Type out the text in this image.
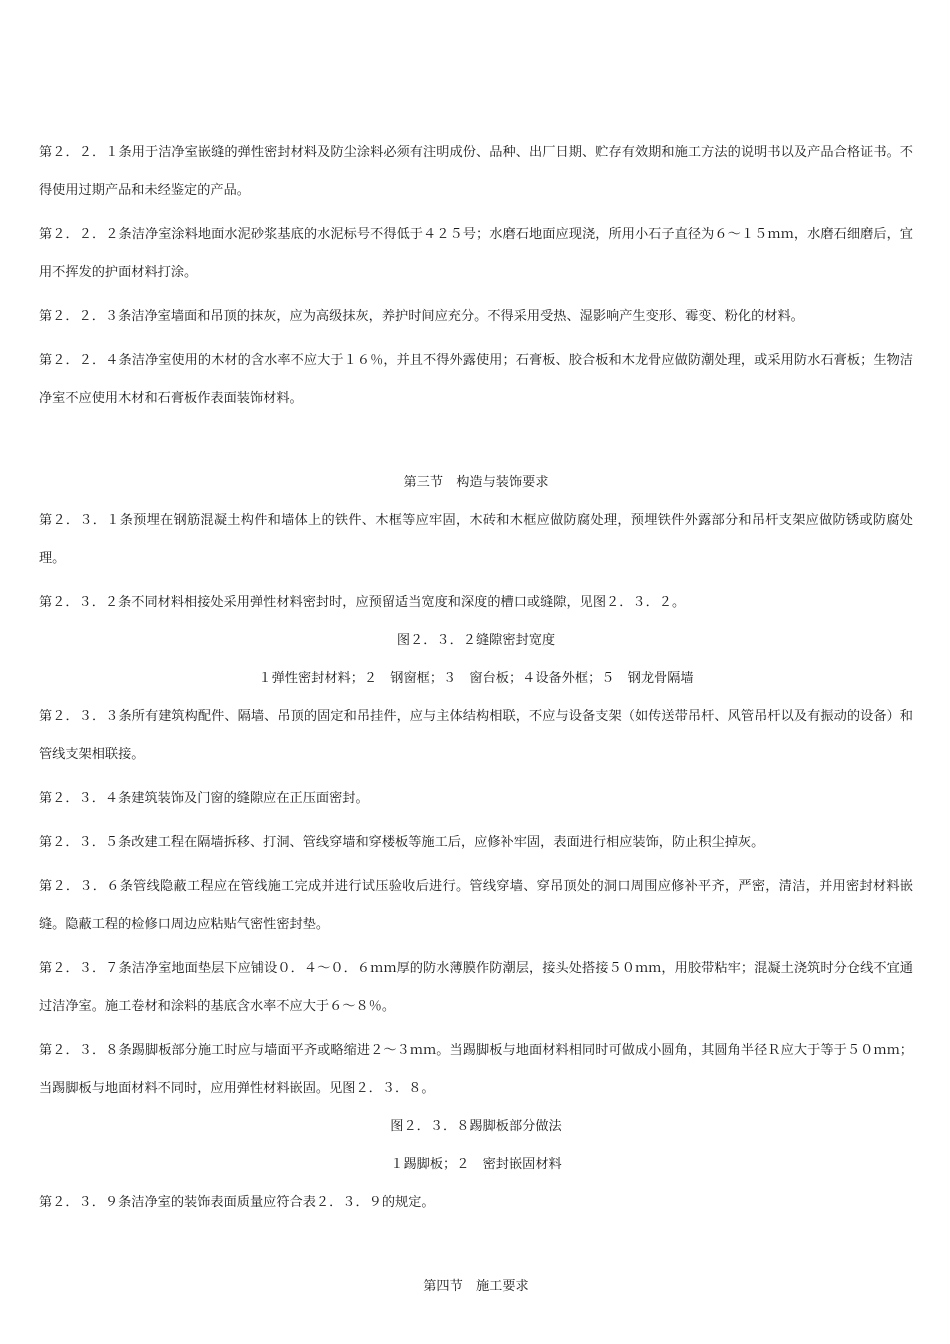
第２．２．１条用于洁净室嵌缝的弹性密封材料及防尘涂料必须有注明成份、品种、出厂日期、贮存有效期和施工方法的说明书以及产品合格证书。不得使用过期产品和未经鉴定的产品。

第２．２．２条洁净室涂料地面水泥砂浆基底的水泥标号不得低于４２５号；水磨石地面应现浇，所用小石子直径为６～１５ｍｍ，水磨石细磨后，宜用不挥发的护面材料打涂。

第２．２．３条洁净室墙面和吊顶的抹灰，应为高级抹灰，养护时间应充分。不得采用受热、湿影响产生变形、霉变、粉化的材料。

第２．２．４条洁净室使用的木材的含水率不应大于１６％，并且不得外露使用；石膏板、胶合板和木龙骨应做防潮处理，或采用防水石膏板；生物洁净室不应使用木材和石膏板作表面装饰材料。

第三节　构造与装饰要求

第２．３．１条预埋在钢筋混凝土构件和墙体上的铁件、木框等应牢固，木砖和木框应做防腐处理，预埋铁件外露部分和吊杆支架应做防锈或防腐处理。

第２．３．２条不同材料相接处采用弹性材料密封时，应预留适当宽度和深度的槽口或缝隙，见图２．３．２。

图２．３．２缝隙密封宽度

１弹性密封材料；２　钢窗框；３　窗台板；４设备外框；５　钢龙骨隔墙

第２．３．３条所有建筑构配件、隔墙、吊顶的固定和吊挂件，应与主体结构相联，不应与设备支架（如传送带吊杆、风管吊杆以及有振动的设备）和管线支架相联接。

第２．３．４条建筑装饰及门窗的缝隙应在正压面密封。

第２．３．５条改建工程在隔墙拆移、打洞、管线穿墙和穿楼板等施工后，应修补牢固，表面进行相应装饰，防止积尘掉灰。

第２．３．６条管线隐蔽工程应在管线施工完成并进行试压验收后进行。管线穿墙、穿吊顶处的洞口周围应修补平齐，严密，清洁，并用密封材料嵌缝。隐蔽工程的检修口周边应粘贴气密性密封垫。

第２．３．７条洁净室地面垫层下应铺设０．４～０．６ｍｍ厚的防水薄膜作防潮层，接头处搭接５０ｍｍ，用胶带粘牢；混凝土浇筑时分仓线不宜通过洁净室。施工卷材和涂料的基底含水率不应大于６～８％。

第２．３．８条踢脚板部分施工时应与墙面平齐或略缩进２～３ｍｍ。当踢脚板与地面材料相同时可做成小圆角，其圆角半径Ｒ应大于等于５０ｍｍ；当踢脚板与地面材料不同时，应用弹性材料嵌固。见图２．３．８。

图２．３．８踢脚板部分做法

１踢脚板；２　密封嵌固材料

第２．３．９条洁净室的装饰表面质量应符合表２．３．９的规定。

第四节　施工要求
